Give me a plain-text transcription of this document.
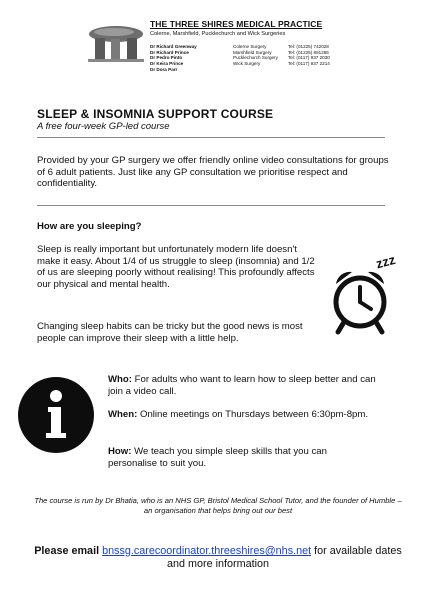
THE THREE SHIRES MEDICAL PRACTICE
Colerne, Marshfield, Pucklechurch and Wick Surgeries
Dr Richard Greenway
Dr Richard Prince
Dr Pedro Pinto
Dr Keira Prince
Dr Dora Parr
Colerne Surgery
Marshfield Surgery
Pucklechurch Surgery
Wick Surgery
Tel: (01225) 742028
Tel: (01225) 891265
Tel: (0117) 937 2030
Tel: (0117) 937 2214
SLEEP & INSOMNIA SUPPORT COURSE
A free four-week GP-led course
Provided by your GP surgery we offer friendly online video consultations for groups of 6 adult patients. Just like any GP consultation we prioritise respect and confidentiality.
How are you sleeping?
Sleep is really important but unfortunately modern life doesn't make it easy. About 1/4 of us struggle to sleep (insomnia) and 1/2 of us are sleeping poorly without realising! This profoundly affects our physical and mental health.
Changing sleep habits can be tricky but the good news is most people can improve their sleep with a little help.
zzz
Who: For adults who want to learn how to sleep better and can join a video call.
When: Online meetings on Thursdays between 6:30pm-8pm.
How: We teach you simple sleep skills that you can personalise to suit you.
The course is run by Dr Bhatia, who is an NHS GP, Bristol Medical School Tutor, and the founder of Humble – an organisation that helps bring out our best
Please email bnssg.carecoordinator.threeshires@nhs.net for available dates and more information
